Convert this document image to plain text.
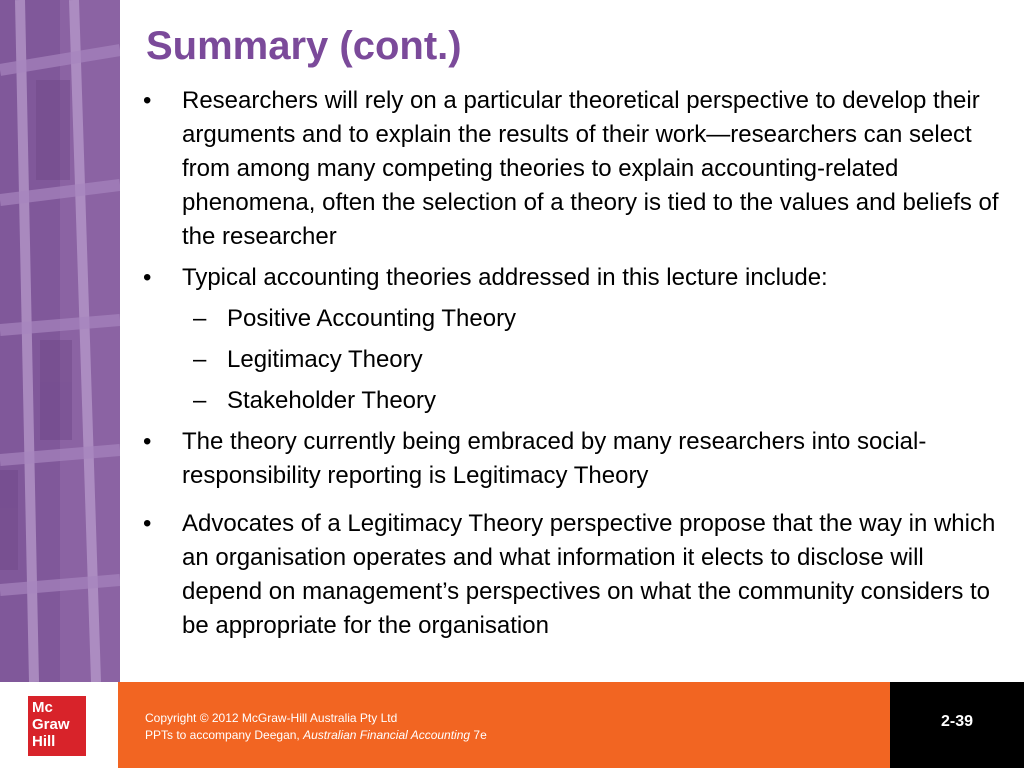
Summary (cont.)
• Researchers will rely on a particular theoretical perspective to develop their arguments and to explain the results of their work—researchers can select from among many competing theories to explain accounting-related phenomena, often the selection of a theory is tied to the values and beliefs of the researcher
• Typical accounting theories addressed in this lecture include:
– Positive Accounting Theory
– Legitimacy Theory
– Stakeholder Theory
• The theory currently being embraced by many researchers into social-responsibility reporting is Legitimacy Theory
• Advocates of a Legitimacy Theory perspective propose that the way in which an organisation operates and what information it elects to disclose will depend on management’s perspectives on what the community considers to be appropriate for the organisation
Mc
Graw
Hill
Copyright © 2012 McGraw-Hill Australia Pty Ltd
PPTs to accompany Deegan, Australian Financial Accounting 7e
2-39
